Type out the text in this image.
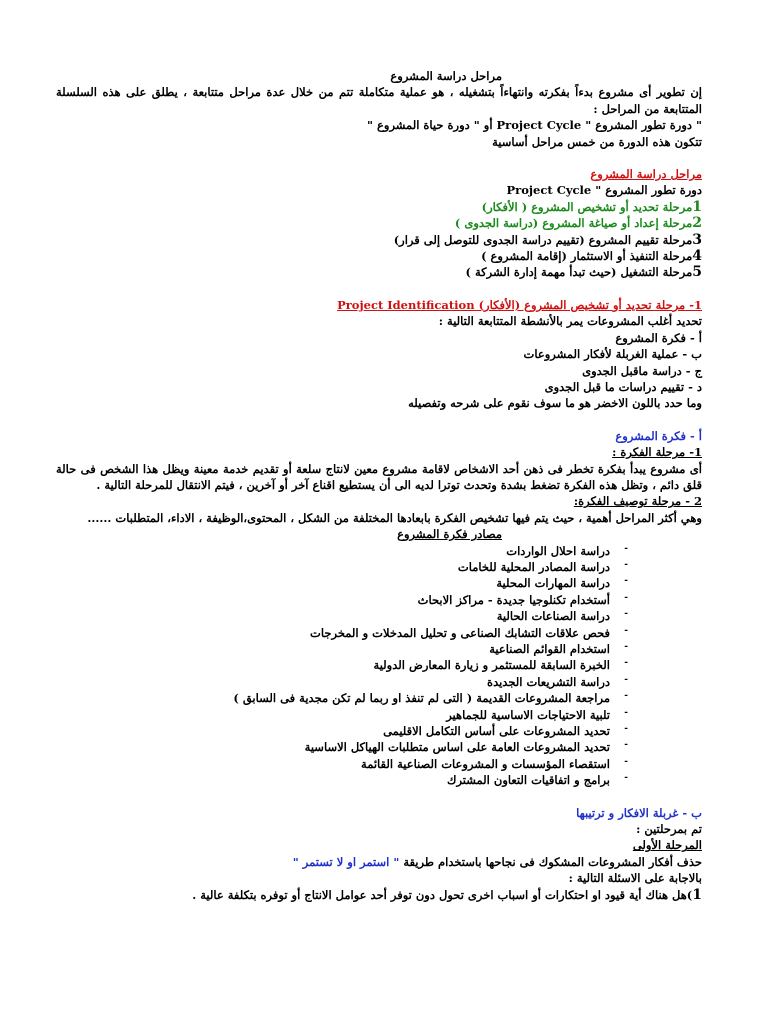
مراحل دراسة المشروع
إن تطوير أى مشروع بدءاً بفكرته وانتهاءاً بتشغيله ، هو عملية متكاملة تتم من خلال عدة مراحل متتابعة ، يطلق على هذه السلسلة المتتابعة من المراحل :
" دورة تطور المشروع " Project Cycle أو " دورة حياة المشروع "
تتكون هذه الدورة من خمس مراحل أساسية
مراحل دراسة المشروع
دورة تطور المشروع " Project Cycle
1مرحلة تحديد أو تشخيص المشروع ( الأفكار)
2مرحلة إعداد أو صياغة المشروع (دراسة الجدوى )
3مرحلة تقييم المشروع (تقييم دراسة الجدوى للتوصل إلى قرار)
4مرحلة التنفيذ أو الاستثمار (إقامة المشروع )
5مرحلة التشغيل (حيث تبدأ مهمة إدارة الشركة )
1- مرحلة تحديد أو تشخيص المشروع (الأفكار) Project Identification
تحديد أغلب المشروعات يمر بالأنشطة المتتابعة التالية :
أ - فكرة المشروع
ب - عملية الغربلة لأفكار المشروعات
ج - دراسة ماقبل الجدوى
د - تقييم دراسات ما قبل الجدوى
وما حدد باللون الاخضر هو ما سوف نقوم على شرحه وتفصيله
أ - فكرة المشروع
1- مرحلة الفكرة :
أى مشروع يبدأ بفكرة تخطر فى ذهن أحد الاشخاص لاقامة مشروع معين لانتاج سلعة أو تقديم خدمة معينة ويظل هذا الشخص فى حالة قلق دائم ، وتظل هذه الفكرة تضغط بشدة وتحدث توترا لديه الى أن يستطيع اقناع آخر أو آخرين ، فيتم الانتقال للمرحلة التالية .
2 - مرحلة توصيف الفكرة:
وهي أكثر المراحل أهمية ، حيث يتم فيها تشخيص الفكرة بابعادها المختلفة من الشكل ، المحتوى،الوظيفة ، الاداء، المتطلبات ......
مصادر فكرة المشروع
-
دراسة احلال الواردات
-
دراسة المصادر المحلية للخامات
-
دراسة المهارات المحلية
-
أستخدام تكنلوجيا جديدة - مراكز الابحاث
-
دراسة الصناعات الحالية
-
فحص علاقات التشابك الصناعى و تحليل المدخلات و المخرجات
-
استخدام القوائم الصناعية
-
الخبرة السابقة للمستثمر و زيارة المعارض الدولية
-
دراسة التشريعات الجديدة
-
مراجعة المشروعات القديمة ( التى لم تنفذ او ربما لم تكن مجدية فى السابق )
-
تلبية الاحتياجات الاساسية للجماهير
-
تحديد المشروعات على أساس التكامل الاقليمى
-
تحديد المشروعات العامة على اساس متطلبات الهياكل الاساسية
-
استقصاء المؤسسات و المشروعات الصناعية القائمة
-
برامج و اتفاقيات التعاون المشترك
ب - غربلة الافكار و ترتيبها
تم بمرحلتين :
المرحلة الأولى
حذف أفكار المشروعات المشكوك فى نجاحها باستخدام طريقة " استمر او لا تستمر "
بالاجابة على الاسئلة التالية :
1)هل هناك أية قيود او احتكارات أو اسباب اخرى تحول دون توفر أحد عوامل الانتاج أو توفره بتكلفة عالية .
